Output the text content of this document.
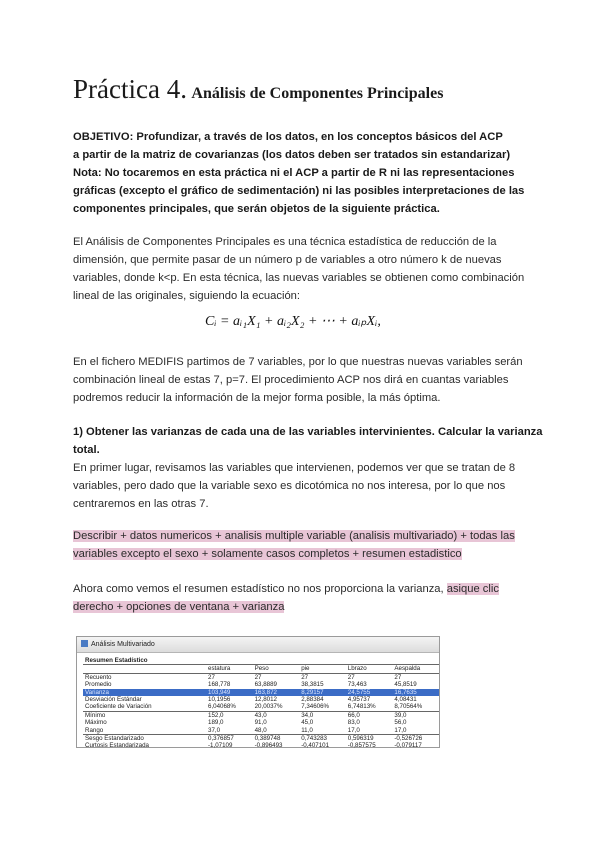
Práctica 4. Análisis de Componentes Principales
OBJETIVO: Profundizar, a través de los datos, en los conceptos básicos del ACP
a partir de la matriz de covarianzas (los datos deben ser tratados sin estandarizar)
Nota: No tocaremos en esta práctica ni el ACP a partir de R ni las representaciones
gráficas (excepto el gráfico de sedimentación) ni las posibles interpretaciones de las
componentes principales, que serán objetos de la siguiente práctica.
El Análisis de Componentes Principales es una técnica estadística de reducción de la
dimensión, que permite pasar de un número p de variables a otro número k de nuevas
variables, donde k<p. En esta técnica, las nuevas variables se obtienen como combinación
lineal de las originales, siguiendo la ecuación:
Cᵢ = aᵢ₁X₁ + aᵢ₂X₂ + ⋯ + aᵢₚXᵢ,
En el fichero MEDIFIS partimos de 7 variables, por lo que nuestras nuevas variables serán
combinación lineal de estas 7, p=7. El procedimiento ACP nos dirá en cuantas variables
podremos reducir la información de la mejor forma posible, la más óptima.
1) Obtener las varianzas de cada una de las variables intervinientes. Calcular la varianza
total.
En primer lugar, revisamos las variables que intervienen, podemos ver que se tratan de 8
variables, pero dado que la variable sexo es dicotómica no nos interesa, por lo que nos
centraremos en las otras 7.
Describir + datos numericos + analisis multiple variable (analisis multivariado) + todas las
variables excepto el sexo + solamente casos completos + resumen estadistico
Ahora como vemos el resumen estadístico no nos proporciona la varianza, asique clic
derecho + opciones de ventana + varianza
Análisis Multivariado
Resumen Estadístico					
	estatura	Peso	pie	Lbrazo	Aespalda
Recuento	27	27	27	27	27
Promedio	168,778	63,8889	38,3815	73,463	45,8519
Varianza	103,949	163,872	8,29157	24,5755	16,7635
Desviación Estándar	10,1956	12,8012	2,88384	4,95737	4,08431
Coeficiente de Variación	6,04068%	20,0037%	7,34606%	6,74813%	8,70564%
Mínimo	152,0	43,0	34,0	66,0	39,0
Máximo	189,0	91,0	45,0	83,0	56,0
Rango	37,0	48,0	11,0	17,0	17,0
Sesgo Estandarizado	0,376857	0,389748	0,743283	0,596319	-0,526726
Curtosis Estandarizada	-1,07109	-0,896493	-0,407101	-0,857575	-0,079117
